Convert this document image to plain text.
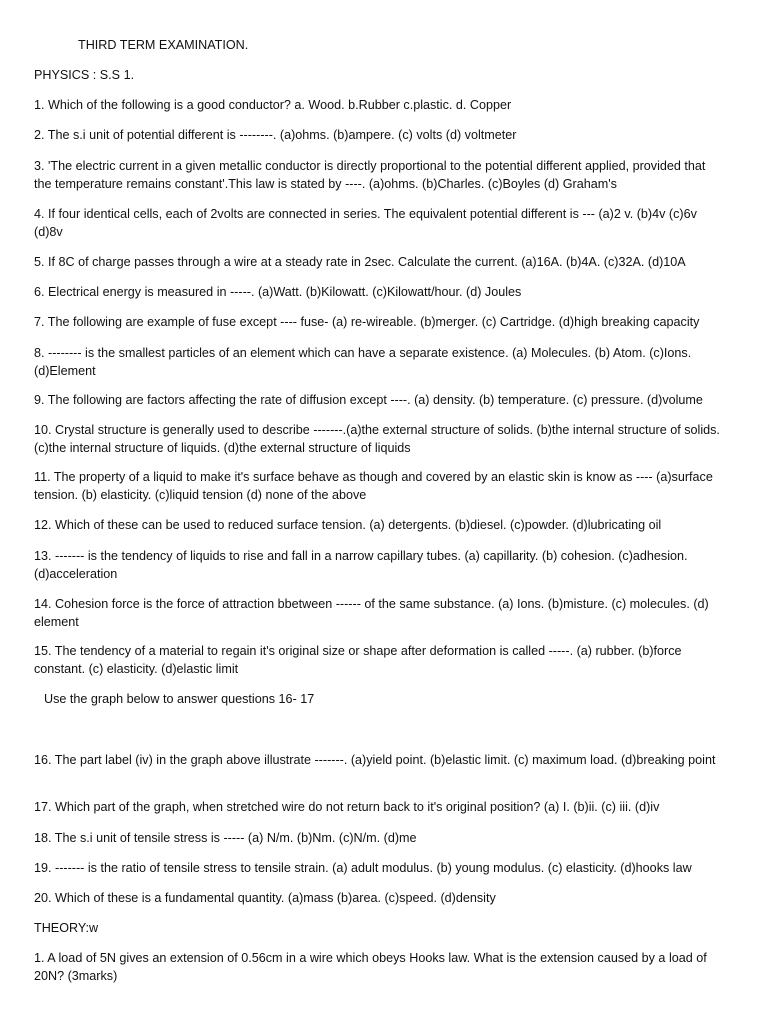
THIRD TERM EXAMINATION.

PHYSICS : S.S 1.

1. Which of the following is a good conductor? a. Wood. b.Rubber c.plastic. d. Copper

2. The s.i unit of potential different is --------. (a)ohms. (b)ampere. (c) volts (d) voltmeter

3. 'The electric current in a given metallic conductor is directly proportional to the potential different applied, provided that the temperature remains constant'.This law is stated by ----. (a)ohms. (b)Charles. (c)Boyles (d) Graham's

4. If four identical cells, each of 2volts are connected in series. The equivalent potential different is --- (a)2 v. (b)4v (c)6v (d)8v

5. If 8C of charge passes through a wire at a steady rate in 2sec. Calculate the current. (a)16A. (b)4A. (c)32A. (d)10A

6. Electrical energy is measured in -----. (a)Watt. (b)Kilowatt. (c)Kilowatt/hour. (d) Joules

7. The following are example of fuse except ---- fuse- (a) re-wireable. (b)merger. (c) Cartridge. (d)high breaking capacity

8. -------- is the smallest particles of an element which can have a separate existence. (a) Molecules. (b) Atom. (c)Ions. (d)Element

9. The following are factors affecting the rate of diffusion except ----. (a) density. (b) temperature. (c) pressure. (d)volume

10. Crystal structure is generally used to describe -------.(a)the external structure of solids. (b)the internal structure of solids. (c)the internal structure of liquids. (d)the external structure of liquids

11. The property of a liquid to make it's surface behave as though and covered by an elastic skin is know as ---- (a)surface tension. (b) elasticity. (c)liquid tension (d) none of the above

12. Which of these can be used to reduced surface tension. (a) detergents. (b)diesel. (c)powder. (d)lubricating oil

13. ------- is the tendency of liquids to rise and fall in a narrow capillary tubes. (a) capillarity. (b) cohesion. (c)adhesion. (d)acceleration

14. Cohesion force is the force of attraction bbetween ------ of the same substance. (a) Ions. (b)misture. (c) molecules. (d) element

15. The tendency of a material to regain it's original size or shape after deformation is called -----. (a) rubber. (b)force constant. (c) elasticity. (d)elastic limit

Use the graph below to answer questions 16- 17

16. The part label (iv) in the graph above illustrate -------. (a)yield point. (b)elastic limit. (c) maximum load. (d)breaking point

17. Which part of the graph, when stretched wire do not return back to it's original position? (a) I. (b)ii. (c) iii. (d)iv

18. The s.i unit of tensile stress is ----- (a) N/m. (b)Nm. (c)N/m. (d)me

19. ------- is the ratio of tensile stress to tensile strain. (a) adult modulus. (b) young modulus. (c) elasticity. (d)hooks law

20. Which of these is a fundamental quantity. (a)mass (b)area. (c)speed. (d)density

THEORY:w

1. A load of 5N gives an extension of 0.56cm in a wire which obeys Hooks law. What is the extension caused by a load of 20N? (3marks)
